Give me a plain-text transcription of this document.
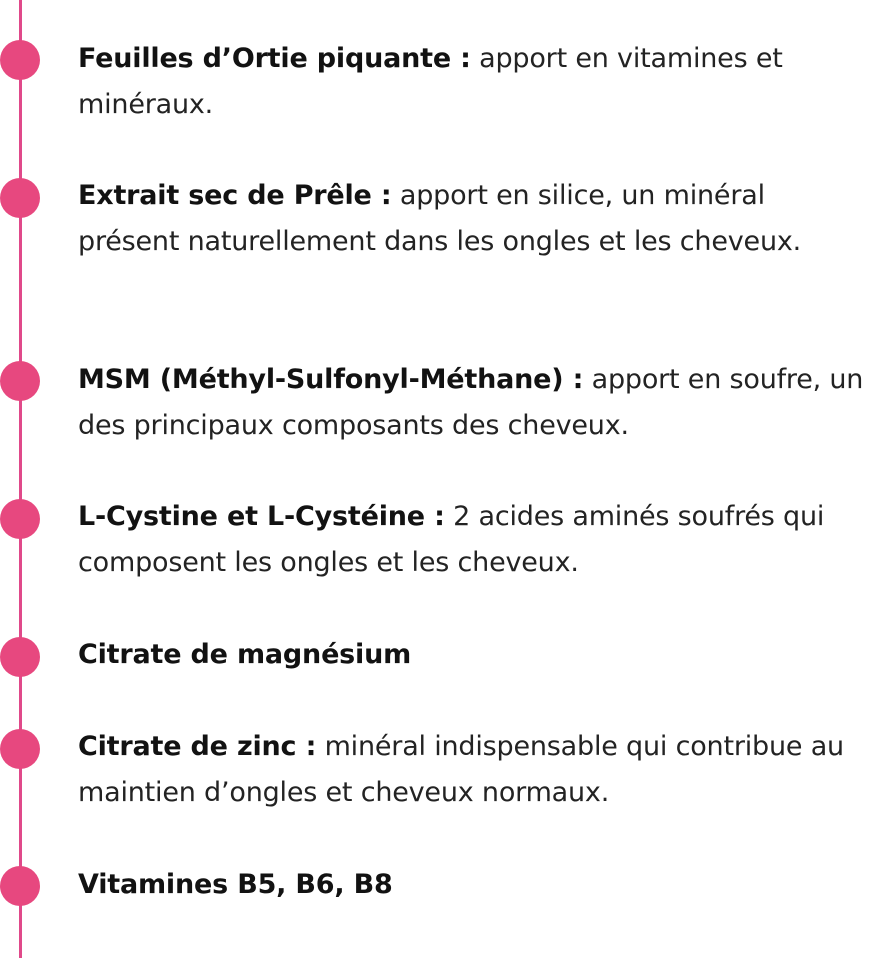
Feuilles d’Ortie piquante : apport en vitamines et minéraux.
Extrait sec de Prêle : apport en silice, un minéral présent naturellement dans les ongles et les cheveux.
MSM (Méthyl-Sulfonyl-Méthane) : apport en soufre, un des principaux composants des cheveux.
L-Cystine et L-Cystéine : 2 acides aminés soufrés qui composent les ongles et les cheveux.
Citrate de magnésium
Citrate de zinc : minéral indispensable qui contribue au maintien d’ongles et cheveux normaux.
Vitamines B5, B6, B8
